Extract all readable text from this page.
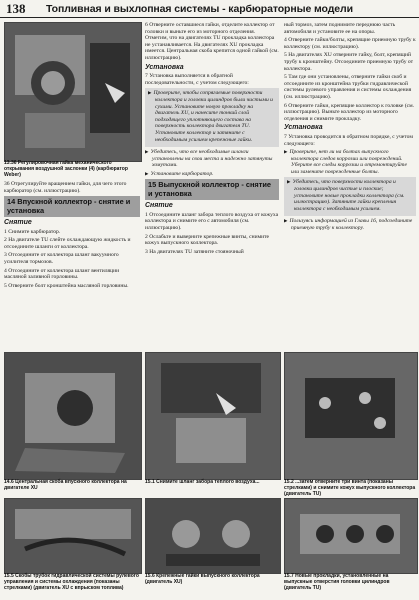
138	Топливная и выхлопная системы - карбюраторные модели
13.36 Регулировочная гайка механического открывания воздушной заслонки (4) (карбюратор Weber)

36 Отрегулируйте вращением гайки, для чего этого карбюратор (см. иллюстрацию).

14 Впускной коллектор - снятие и установка
Снятие

1 Снимите карбюратор.

2 На двигателе TU слейте охлаждающую жидкость и отсоедините шланги от коллектора.

3 Отсоедините от коллектора шланг вакуумного усилителя тормозов.

4 Отсоедините от коллектора шланг вентиляции масляной заливной горловины.

5 Отверните болт кронштейна масляной горловины.

6 Отверните оставшиеся гайки, отделите коллектор от головки и выньте его из моторного отделения. Отметим, что на двигателях TU прокладка коллектора не устанавливается. На двигателях XU прокладка имеется. Центральная скоба крепится одной гайкой (см. иллюстрацию).

Установка

7 Установка выполняется в обратной последовательности, с учетом следующего:

▶ Проверьте, чтобы сопрягаемые поверхности коллектора и головки цилиндров были чистыми и сухими. Установите новую прокладку на двигатель XU, и нанесите тонкий слой подходящего уплотняющего состава на поверхность коллектора двигателя TU. Установите коллектор и затяните с необходимым усилием крепежные гайки.

▶ Убедитесь, что все необходимые шланги установлены на свои места и надежно затянуты хомутами.

▶ Установите карбюратор.

15 Выпускной коллектор - снятие и установка
Снятие

1 Отсоедините шланг забора теплого воздуха от кожуха коллектора и снимите его с автомобиля (см. иллюстрацию).

2 Ослабьте и выверните крепежные винты, снимите кожух выпускного коллектора.

3 На двигателях TU затяните стояночный

ный тормоз, затем поднимите переднюю часть автомобиля и установите ее на опоры.

4 Отверните гайки/болты, крепящие приемную трубу к коллектору (см. иллюстрацию).

5 На двигателях XU отверните гайку, болт, крепящий трубу к кронштейну. Отсоедините приемную трубу от коллектора.

5 Там где они установлены, отверните гайки скоб и отсоедините из кронштейна трубки гидравлической системы рулевого управления и системы охлаждения (см. иллюстрацию).

6 Отверните гайки, крепящие коллектор к головке (см. иллюстрацию). Выньте коллектор из моторного отделения и снимите прокладку.

Установка

7 Установка проводится в обратном порядке, с учетом следующего:

▶ Проверьте, нет ли на болтах выпускного коллектора следов коррозии или повреждений. Уберите все следы коррозии и отремонтируйте или замените поврежденные болты.

▶ Убедитесь, что поверхности коллектора и головки цилиндров чистые и плоские; установите новые прокладки коллектора (см. иллюстрацию). Затяните гайки крепления коллектора с необходимым усилием.

▶ Пользуясь информацией из Главы 16, подсоедините приемную трубу к коллектору.

14.6 Центральная скоба впускного коллектора на двигателе XU
15.1 Снимите шланг забора теплого воздуха...	15.2 ...затем отверните три винта (показаны стрелками) и снимите кожух выпускного коллектора (двигатель TU)
15.5 Скобы трубок гидравлической системы рулевого управления и системы охлаждения (показаны стрелками) (двигатель XU с впрыском топлива)
15.6 Крепежные гайки выпускного коллектора (двигатель XU)
15.7 Новые прокладки, установленные на выпускные отверстия головки цилиндров (двигатель TU)
